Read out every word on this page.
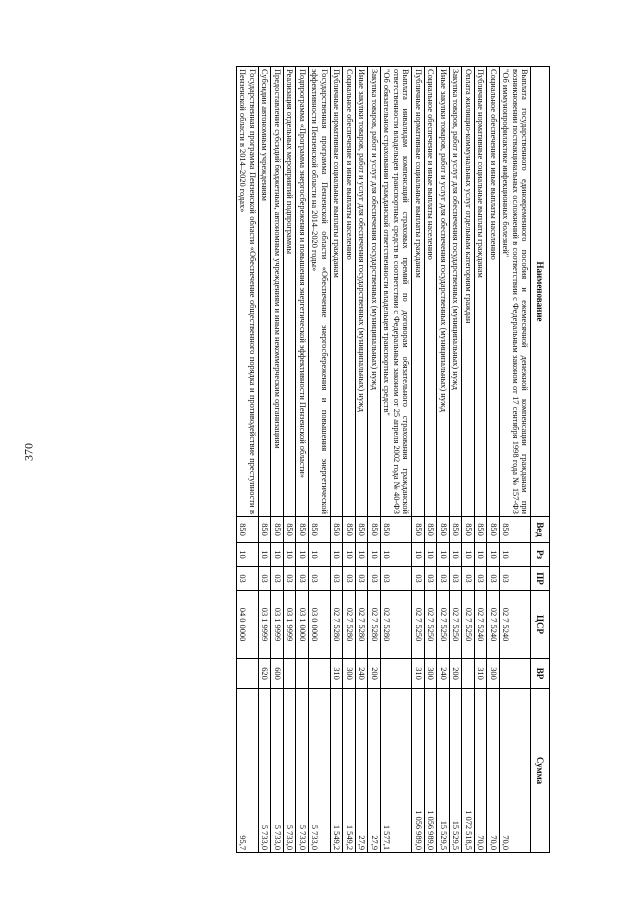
370
Наименование	Вед	Рз	ПР	ЦСР	ВР	Сумма
Выплата государственного единовременного пособия и ежемесячной денежной компенсации гражданам при возникновении поствакцинальных осложнений в соответствии с Федеральным законом от 17 сентября 1998 года № 157-ФЗ "Об иммунопрофилактике инфекционных болезней"	850	10	03	02 7 5240		70,0
Социальное обеспечение и иные выплаты населению	850	10	03	02 7 5240	300	70,0
Публичные нормативные социальные выплаты гражданам	850	10	03	02 7 5240	310	70,0
Оплата жилищно-коммунальных услуг отдельным категориям граждан	850	10	03	02 7 5250		1 072 518,5
Закупка товаров, работ и услуг для обеспечения государственных (муниципальных) нужд	850	10	03	02 7 5250	200	15 529,5
Иные закупки товаров, работ и услуг для обеспечения государственных (муниципальных) нужд	850	10	03	02 7 5250	240	15 529,5
Социальное обеспечение и иные выплаты населению	850	10	03	02 7 5250	300	1 056 989,0
Публичные нормативные социальные выплаты гражданам	850	10	03	02 7 5250	310	1 056 989,0
Выплата инвалидам компенсаций страховых премий по договорам обязательного страхования гражданской ответственности владельцев транспортных средств в соответствии с Федеральным законом от 25 апреля 2002 года № 40-ФЗ "Об обязательном страховании гражданской ответственности владельцев транспортных средств"	850	10	03	02 7 5280		1 577,1
Закупка товаров, работ и услуг для обеспечения государственных (муниципальных) нужд	850	10	03	02 7 5280	200	27,9
Иные закупки товаров, работ и услуг для обеспечения государственных (муниципальных) нужд	850	10	03	02 7 5280	240	27,9
Социальное обеспечение и иные выплаты населению	850	10	03	02 7 5280	300	1 549,2
Публичные нормативные социальные выплаты гражданам	850	10	03	02 7 5280	310	1 549,2
Государственная программа Пензенской области «Обеспечение энергосбережения и повышения энергетической эффективности Пензенской области на 2014–2020 годы»	850	10	03	03 0 0000		5 733,0
Подпрограмма «Программа энергосбережения и повышения энергетической эффективности Пензенской области»	850	10	03	03 1 0000		5 733,0
Реализация отдельных мероприятий подпрограммы	850	10	03	03 1 9999		5 733,0
Предоставление субсидий бюджетным, автономным учреждениям и иным некоммерческим организациям	850	10	03	03 1 9999	600	5 733,0
Субсидии автономным учреждениям	850	10	03	03 1 9999	620	5 733,0
Государственная программа Пензенской области «Обеспечение общественного порядка и противодействие преступности в Пензенской области в 2014–2020 годах»	850	10	03	04 0 0000		95,7
